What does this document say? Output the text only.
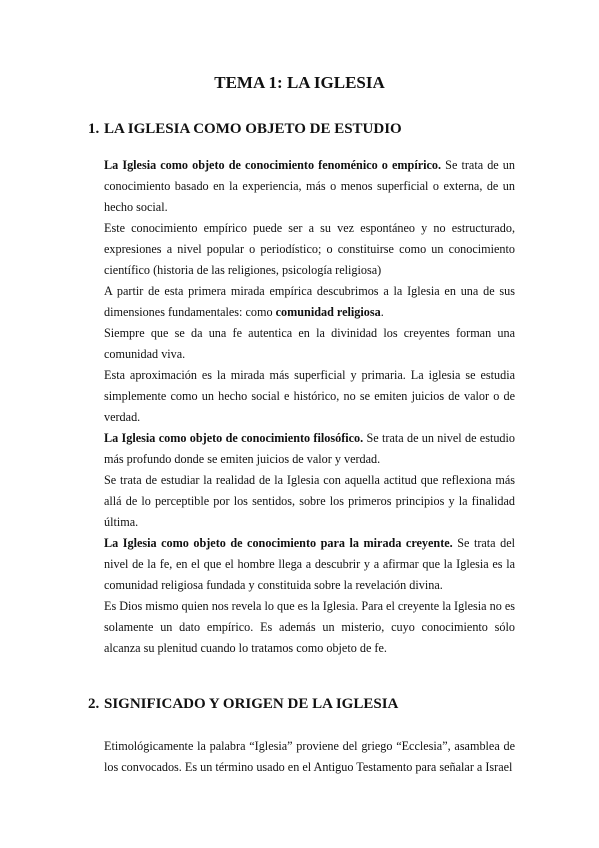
TEMA 1: LA IGLESIA
1. LA IGLESIA COMO OBJETO DE ESTUDIO

La Iglesia como objeto de conocimiento fenoménico o empírico. Se trata de un conocimiento basado en la experiencia, más o menos superficial o externa, de un hecho social.

Este conocimiento empírico puede ser a su vez espontáneo y no estructurado, expresiones a nivel popular o periodístico; o constituirse como un conocimiento científico (historia de las religiones, psicología religiosa)

A partir de esta primera mirada empírica descubrimos a la Iglesia en una de sus dimensiones fundamentales: como comunidad religiosa.

Siempre que se da una fe autentica en la divinidad los creyentes forman una comunidad viva.

Esta aproximación es la mirada más superficial y primaria. La iglesia se estudia simplemente como un hecho social e histórico, no se emiten juicios de valor o de verdad.

La Iglesia como objeto de conocimiento filosófico. Se trata de un nivel de estudio más profundo donde se emiten juicios de valor y verdad.

Se trata de estudiar la realidad de la Iglesia con aquella actitud que reflexiona más allá de lo perceptible por los sentidos, sobre los primeros principios y la finalidad última.

La Iglesia como objeto de conocimiento para la mirada creyente. Se trata del nivel de la fe, en el que el hombre llega a descubrir y a afirmar que la Iglesia es la comunidad religiosa fundada y constituida sobre la revelación divina.

Es Dios mismo quien nos revela lo que es la Iglesia. Para el creyente la Iglesia no es solamente un dato empírico. Es además un misterio, cuyo conocimiento sólo alcanza su plenitud cuando lo tratamos como objeto de fe.

2. SIGNIFICADO Y ORIGEN DE LA IGLESIA

Etimológicamente la palabra “Iglesia” proviene del griego “Ecclesia”, asamblea de los convocados. Es un término usado en el Antiguo Testamento para señalar a Israel
